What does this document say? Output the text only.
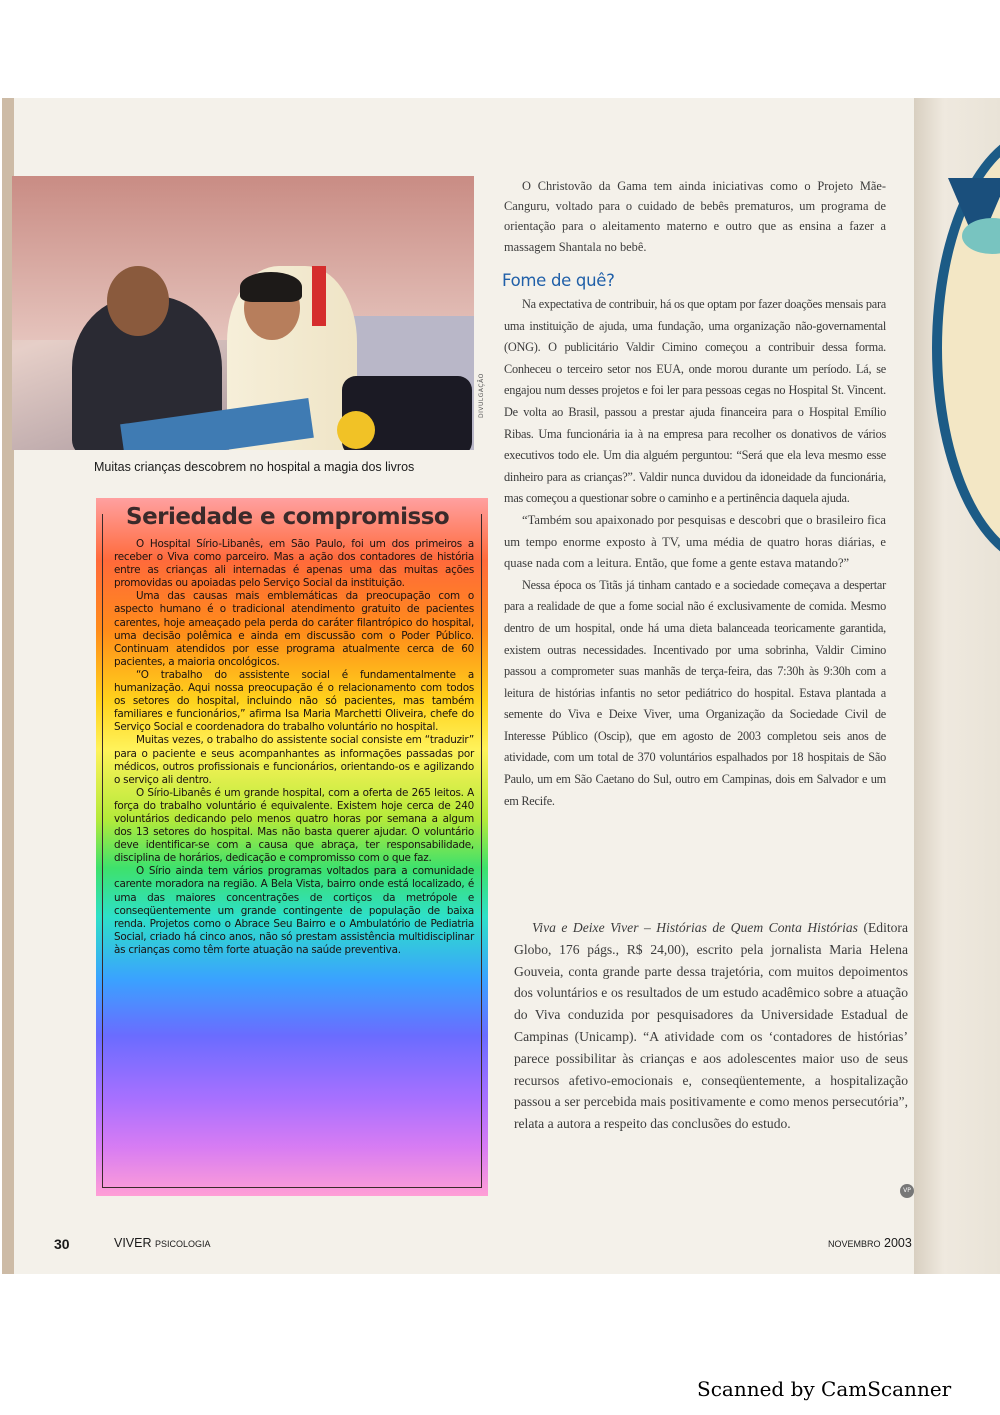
DIVULGAÇÃO
Muitas crianças descobrem no hospital a magia dos livros
Seriedade e compromisso

O Hospital Sírio-Libanês, em São Paulo, foi um dos primeiros a receber o Viva como parceiro. Mas a ação dos contadores de história entre as crianças ali internadas é apenas uma das muitas ações promovidas ou apoiadas pelo Serviço Social da instituição.

Uma das causas mais emblemáticas da preocupação com o aspecto humano é o tradicional atendimento gratuito de pacientes carentes, hoje ameaçado pela perda do caráter filantrópico do hospital, uma decisão polêmica e ainda em discussão com o Poder Público. Continuam atendidos por esse programa atualmente cerca de 60 pacientes, a maioria oncológicos.

“O trabalho do assistente social é fundamentalmente a humanização. Aqui nossa preocupação é o relacionamento com todos os setores do hospital, incluindo não só pacientes, mas também familiares e funcionários,” afirma Isa Maria Marchetti Oliveira, chefe do Serviço Social e coordenadora do trabalho voluntário no hospital.

Muitas vezes, o trabalho do assistente social consiste em “traduzir” para o paciente e seus acompanhantes as informações passadas por médicos, outros profissionais e funcionários, orientando-os e agilizando o serviço ali dentro.

O Sírio-Libanês é um grande hospital, com a oferta de 265 leitos. A força do trabalho voluntário é equivalente. Existem hoje cerca de 240 voluntários dedicando pelo menos quatro horas por semana a algum dos 13 setores do hospital. Mas não basta querer ajudar. O voluntário deve identificar-se com a causa que abraça, ter responsabilidade, disciplina de horários, dedicação e compromisso com o que faz.

O Sírio ainda tem vários programas voltados para a comunidade carente moradora na região. A Bela Vista, bairro onde está localizado, é uma das maiores concentrações de cortiços da metrópole e conseqüentemente um grande contingente de população de baixa renda. Projetos como o Abrace Seu Bairro e o Ambulatório de Pediatria Social, criado há cinco anos, não só prestam assistência multidisciplinar às crianças como têm forte atuação na saúde preventiva.

O Christovão da Gama tem ainda iniciativas como o Projeto Mãe-Canguru, voltado para o cuidado de bebês prematuros, um programa de orientação para o aleitamento materno e outro que as ensina a fazer a massagem Shantala no bebê.

Fome de quê?

Na expectativa de contribuir, há os que optam por fazer doações mensais para uma instituição de ajuda, uma fundação, uma organização não-governamental (ONG). O publicitário Valdir Cimino começou a contribuir dessa forma. Conheceu o terceiro setor nos EUA, onde morou durante um período. Lá, se engajou num desses projetos e foi ler para pessoas cegas no Hospital St. Vincent. De volta ao Brasil, passou a prestar ajuda financeira para o Hospital Emílio Ribas. Uma funcionária ia à na empresa para recolher os donativos de vários executivos todo ele. Um dia alguém perguntou: “Será que ela leva mesmo esse dinheiro para as crianças?”. Valdir nunca duvidou da idoneidade da funcionária, mas começou a questionar sobre o caminho e a pertinência daquela ajuda.

“Também sou apaixonado por pesquisas e descobri que o brasileiro fica um tempo enorme exposto à TV, uma média de quatro horas diárias, e quase nada com a leitura. Então, que fome a gente estava matando?”

Nessa época os Titãs já tinham cantado e a sociedade começava a despertar para a realidade de que a fome social não é exclusivamente de comida. Mesmo dentro de um hospital, onde há uma dieta balanceada teoricamente garantida, existem outras necessidades. Incentivado por uma sobrinha, Valdir Cimino passou a comprometer suas manhãs de terça-feira, das 7:30h às 9:30h com a leitura de histórias infantis no setor pediátrico do hospital. Estava plantada a semente do Viva e Deixe Viver, uma Organização da Sociedade Civil de Interesse Público (Oscip), que em agosto de 2003 completou seis anos de atividade, com um total de 370 voluntários espalhados por 18 hospitais de São Paulo, um em São Caetano do Sul, outro em Campinas, dois em Salvador e um em Recife.

Viva e Deixe Viver – Histórias de Quem Conta Histórias (Editora Globo, 176 págs., R$ 24,00), escrito pela jornalista Maria Helena Gouveia, conta grande parte dessa trajetória, com muitos depoimentos dos voluntários e os resultados de um estudo acadêmico sobre a atuação do Viva conduzida por pesquisadores da Universidade Estadual de Campinas (Unicamp). “A atividade com os ‘contadores de histórias’ parece possibilitar às crianças e aos adolescentes maior uso de seus recursos afetivo-emocionais e, conseqüentemente, a hospitalização passou a ser percebida mais positivamente e como menos persecutória”, relata a autora a respeito das conclusões do estudo.

VP
30	VIVER PSICOLOGIA	NOVEMBRO 2003
Scanned by CamScanner
